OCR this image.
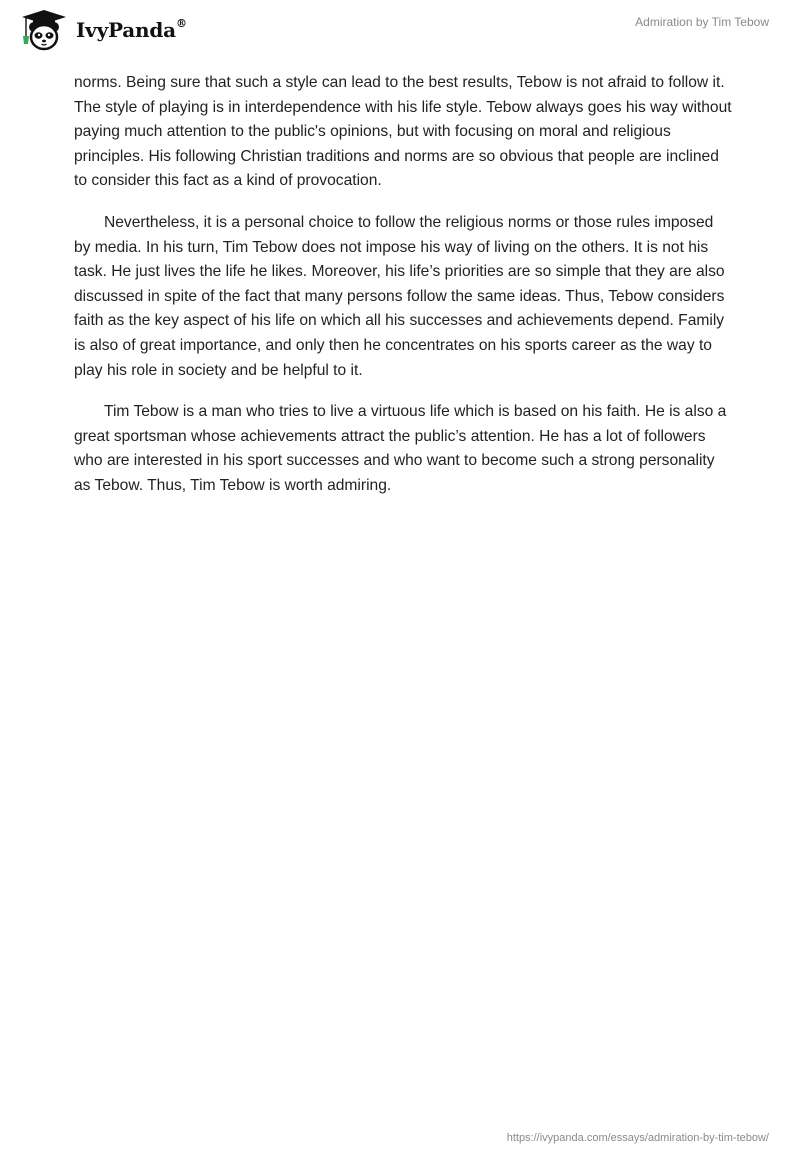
IvyPanda®	Admiration by Tim Tebow

norms. Being sure that such a style can lead to the best results, Tebow is not afraid to follow it. The style of playing is in interdependence with his life style. Tebow always goes his way without paying much attention to the public's opinions, but with focusing on moral and religious principles. His following Christian traditions and norms are so obvious that people are inclined to consider this fact as a kind of provocation.

Nevertheless, it is a personal choice to follow the religious norms or those rules imposed by media. In his turn, Tim Tebow does not impose his way of living on the others. It is not his task. He just lives the life he likes. Moreover, his life’s priorities are so simple that they are also discussed in spite of the fact that many persons follow the same ideas. Thus, Tebow considers faith as the key aspect of his life on which all his successes and achievements depend. Family is also of great importance, and only then he concentrates on his sports career as the way to play his role in society and be helpful to it.

Tim Tebow is a man who tries to live a virtuous life which is based on his faith. He is also a great sportsman whose achievements attract the public’s attention. He has a lot of followers who are interested in his sport successes and who want to become such a strong personality as Tebow. Thus, Tim Tebow is worth admiring.

https://ivypanda.com/essays/admiration-by-tim-tebow/
